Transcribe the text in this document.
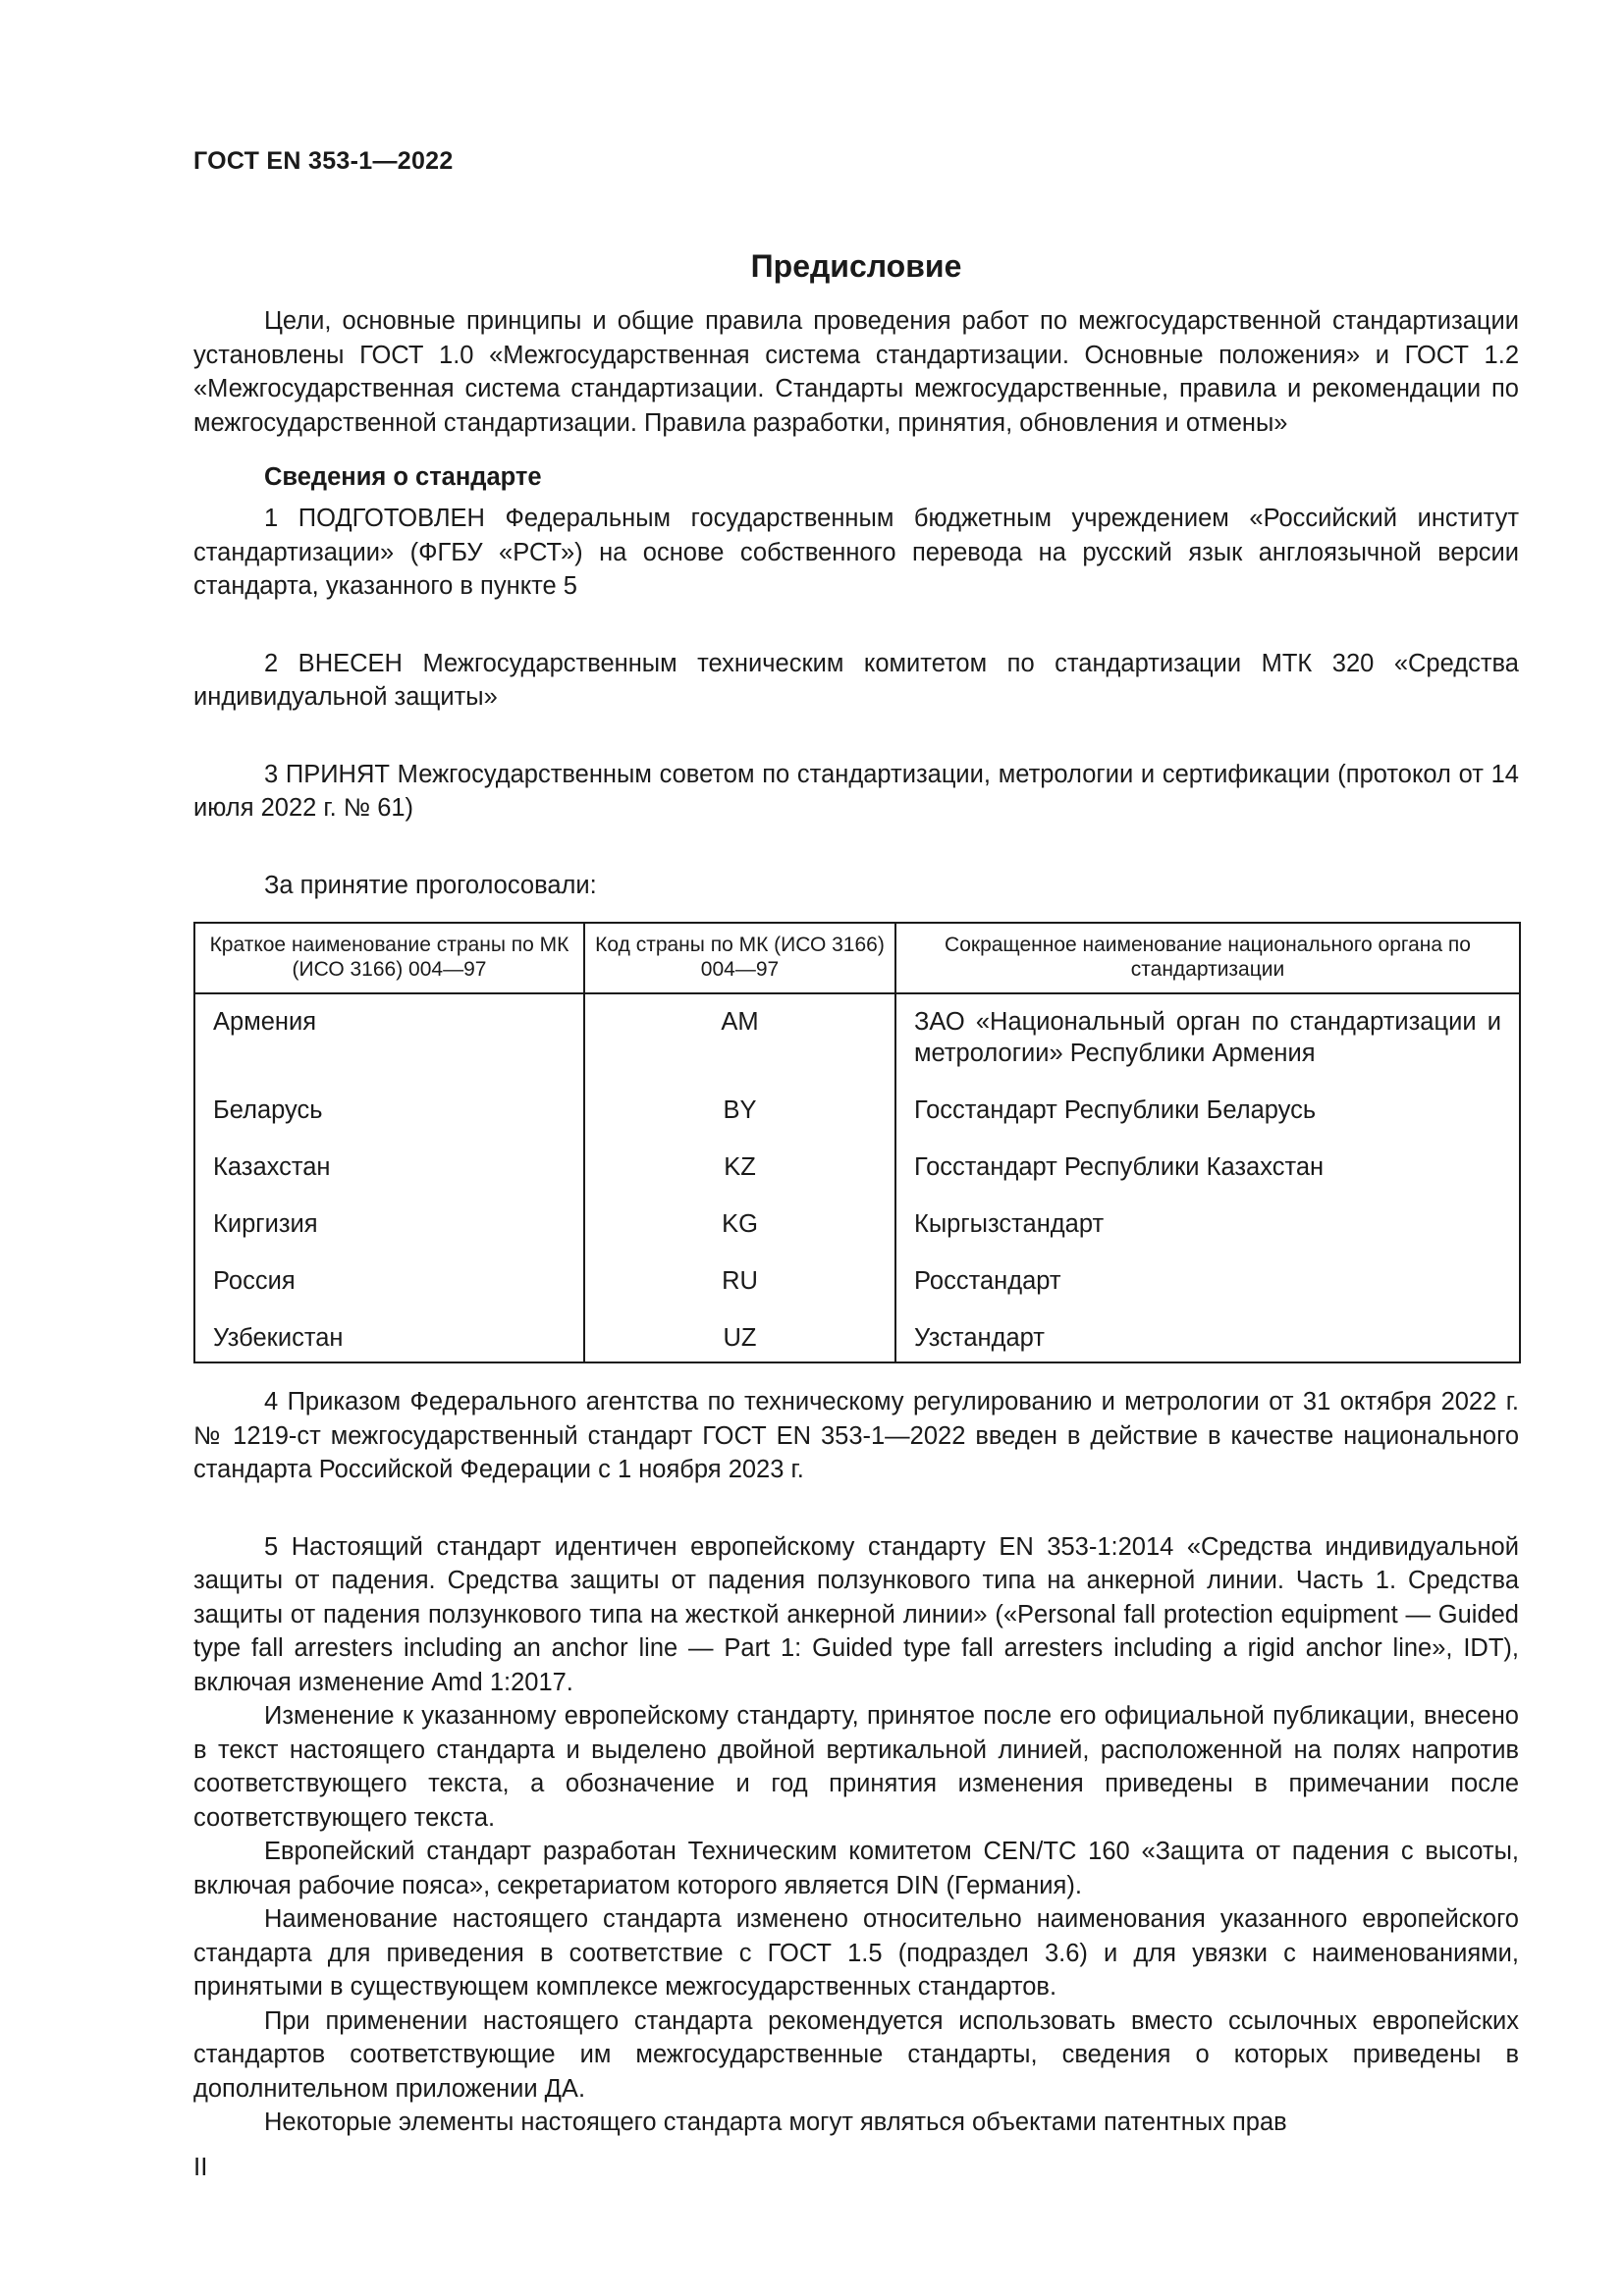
ГОСТ EN 353-1—2022
Предисловие

Цели, основные принципы и общие правила проведения работ по межгосударственной стандартизации установлены ГОСТ 1.0 «Межгосударственная система стандартизации. Основные положения» и ГОСТ 1.2 «Межгосударственная система стандартизации. Стандарты межгосударственные, правила и рекомендации по межгосударственной стандартизации. Правила разработки, принятия, обновления и отмены»

Сведения о стандарте

1 ПОДГОТОВЛЕН Федеральным государственным бюджетным учреждением «Российский институт стандартизации» (ФГБУ «РСТ») на основе собственного перевода на русский язык англоязычной версии стандарта, указанного в пункте 5

2 ВНЕСЕН Межгосударственным техническим комитетом по стандартизации МТК 320 «Средства индивидуальной защиты»

3 ПРИНЯТ Межгосударственным советом по стандартизации, метрологии и сертификации (протокол от 14 июля 2022 г. № 61)

За принятие проголосовали:

Краткое наименование страны по МК (ИСО 3166) 004—97	Код страны по МК (ИСО 3166) 004—97	Сокращенное наименование национального органа по стандартизации
Армения	AM	ЗАО «Национальный орган по стандартизации и метрологии» Республики Армения
Беларусь	BY	Госстандарт Республики Беларусь
Казахстан	KZ	Госстандарт Республики Казахстан
Киргизия	KG	Кыргызстандарт
Россия	RU	Росстандарт
Узбекистан	UZ	Узстандарт

4 Приказом Федерального агентства по техническому регулированию и метрологии от 31 октября 2022 г. № 1219-ст межгосударственный стандарт ГОСТ EN 353-1—2022 введен в действие в качестве национального стандарта Российской Федерации с 1 ноября 2023 г.

5 Настоящий стандарт идентичен европейскому стандарту EN 353-1:2014 «Средства индивидуальной защиты от падения. Средства защиты от падения ползункового типа на анкерной линии. Часть 1. Средства защиты от падения ползункового типа на жесткой анкерной линии» («Personal fall protection equipment — Guided type fall arresters including an anchor line — Part 1: Guided type fall arresters including a rigid anchor line», IDT), включая изменение Amd 1:2017.

Изменение к указанному европейскому стандарту, принятое после его официальной публикации, внесено в текст настоящего стандарта и выделено двойной вертикальной линией, расположенной на полях напротив соответствующего текста, а обозначение и год принятия изменения приведены в примечании после соответствующего текста.

Европейский стандарт разработан Техническим комитетом CEN/TC 160 «Защита от падения с высоты, включая рабочие пояса», секретариатом которого является DIN (Германия).

Наименование настоящего стандарта изменено относительно наименования указанного европейского стандарта для приведения в соответствие с ГОСТ 1.5 (подраздел 3.6) и для увязки с наименованиями, принятыми в существующем комплексе межгосударственных стандартов.

При применении настоящего стандарта рекомендуется использовать вместо ссылочных европейских стандартов соответствующие им межгосударственные стандарты, сведения о которых приведены в дополнительном приложении ДА.

Некоторые элементы настоящего стандарта могут являться объектами патентных прав

II
